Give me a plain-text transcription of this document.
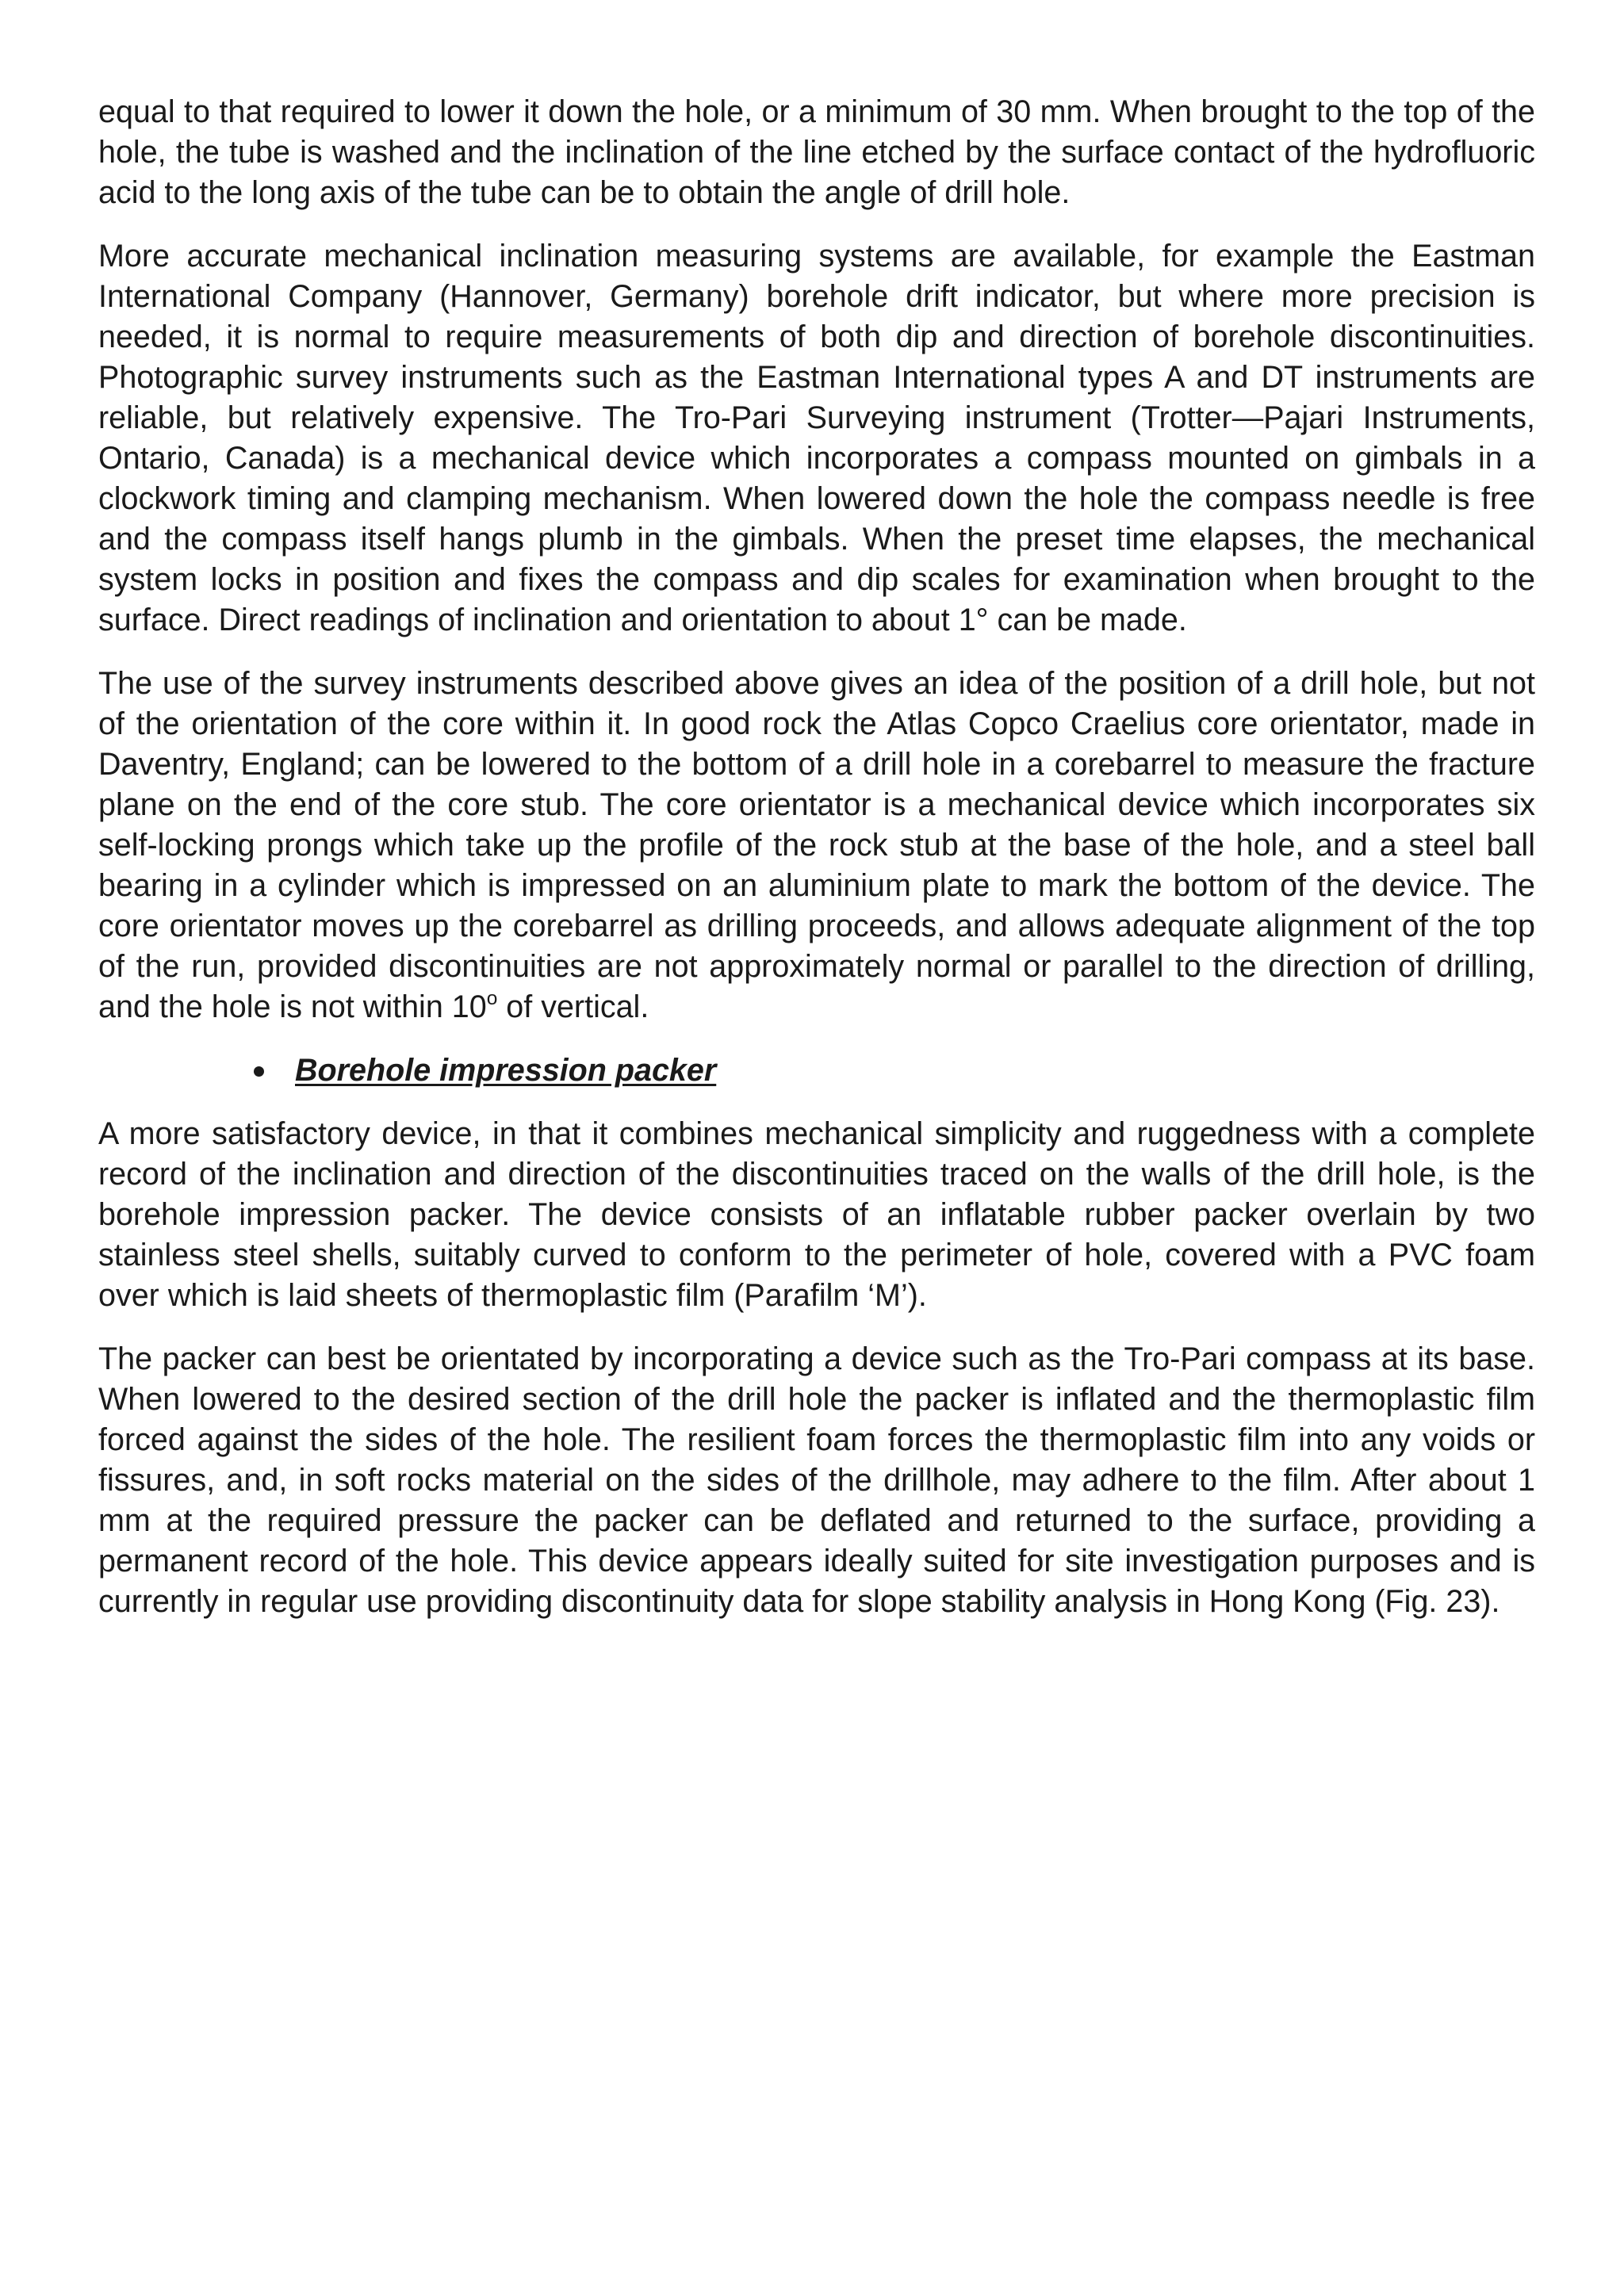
equal to that required to lower it down the hole, or a minimum of 30 mm. When brought to the top of the hole, the tube is washed and the inclination of the line etched by the surface contact of the hydrofluoric acid to the long axis of the tube can be to obtain the angle of drill hole.

More accurate mechanical inclination measuring systems are available, for example the Eastman International Company (Hannover, Germany) borehole drift indicator, but where more precision is needed, it is normal to require measurements of both dip and direction of borehole discontinuities. Photographic survey instruments such as the Eastman International types A and DT instruments are reliable, but relatively expensive. The Tro-Pari Surveying instrument (Trotter—Pajari Instruments, Ontario, Canada) is a mechanical device which incorporates a compass mounted on gimbals in a clockwork timing and clamping mechanism. When lowered down the hole the compass needle is free and the compass itself hangs plumb in the gimbals. When the preset time elapses, the mechanical system locks in position and fixes the compass and dip scales for examination when brought to the surface. Direct readings of inclination and orientation to about 1° can be made.

The use of the survey instruments described above gives an idea of the position of a drill hole, but not of the orientation of the core within it. In good rock the Atlas Copco Craelius core orientator, made in Daventry, England; can be lowered to the bottom of a drill hole in a corebarrel to measure the fracture plane on the end of the core stub. The core orientator is a mechanical device which incorporates six self-locking prongs which take up the profile of the rock stub at the base of the hole, and a steel ball bearing in a cylinder which is impressed on an aluminium plate to mark the bottom of the device. The core orientator moves up the corebarrel as drilling proceeds, and allows adequate alignment of the top of the run, provided discontinuities are not approximately normal or parallel to the direction of drilling, and the hole is not within 10$^o$ of vertical.

Borehole impression packer

A more satisfactory device, in that it combines mechanical simplicity and ruggedness with a complete record of the inclination and direction of the discontinuities traced on the walls of the drill hole, is the borehole impression packer. The device consists of an inflatable rubber packer overlain by two stainless steel shells, suitably curved to conform to the perimeter of hole, covered with a PVC foam over which is laid sheets of thermoplastic film (Parafilm ‘M’).

The packer can best be orientated by incorporating a device such as the Tro-Pari compass at its base. When lowered to the desired section of the drill hole the packer is inflated and the thermoplastic film forced against the sides of the hole. The resilient foam forces the thermoplastic film into any voids or fissures, and, in soft rocks material on the sides of the drillhole, may adhere to the film. After about 1 mm at the required pressure the packer can be deflated and returned to the surface, providing a permanent record of the hole. This device appears ideally suited for site investigation purposes and is currently in regular use providing discontinuity data for slope stability analysis in Hong Kong (Fig. 23).
